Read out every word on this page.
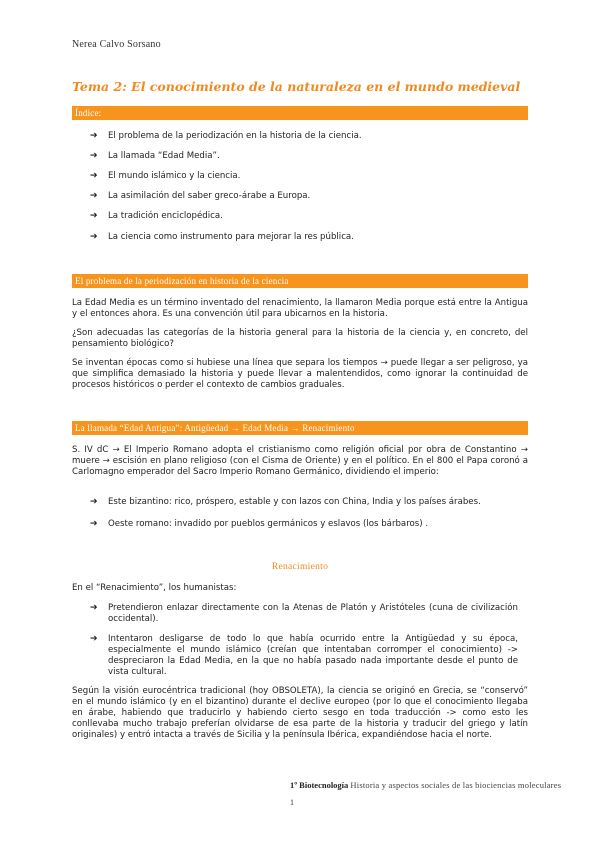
Nerea Calvo Sorsano
Tema 2: El conocimiento de la naturaleza en el mundo medieval
Índice:
➔ El problema de la periodización en la historia de la ciencia.
➔ La llamada “Edad Media”.
➔ El mundo islámico y la ciencia.
➔ La asimilación del saber greco-árabe a Europa.
➔ La tradición enciclopédica.
➔ La ciencia como instrumento para mejorar la res pública.
El problema de la periodización en historia de la ciencia
La Edad Media es un término inventado del renacimiento, la llamaron Media porque está entre la Antigua y el entonces ahora. Es una convención útil para ubicarnos en la historia.
¿Son adecuadas las categorías de la historia general para la historia de la ciencia y, en concreto, del pensamiento biológico?
Se inventan épocas como si hubiese una línea que separa los tiempos → puede llegar a ser peligroso, ya que simplifica demasiado la historia y puede llevar a malentendidos, como ignorar la continuidad de procesos históricos o perder el contexto de cambios graduales.
La llamada “Edad Antigua”: Antigüedad → Edad Media → Renacimiento
S. IV dC → El Imperio Romano adopta el cristianismo como religión oficial por obra de Constantino → muere → escisión en plano religioso (con el Cisma de Oriente) y en el político. En el 800 el Papa coronó a Carlomagno emperador del Sacro Imperio Romano Germánico, dividiendo el imperio:
➔ Este bizantino: rico, próspero, estable y con lazos con China, India y los países árabes.
➔ Oeste romano: invadido por pueblos germánicos y eslavos (los bárbaros) .
Renacimiento
En el “Renacimiento”, los humanistas:
➔ Pretendieron enlazar directamente con la Atenas de Platón y Aristóteles (cuna de civilización occidental).
➔ Intentaron desligarse de todo lo que había ocurrido entre la Antigüedad y su época, especialmente el mundo islámico (creían que intentaban corromper el conocimiento) -> despreciaron la Edad Media, en la que no había pasado nada importante desde el punto de vista cultural.
Según la visión eurocéntrica tradicional (hoy OBSOLETA), la ciencia se originó en Grecia, se “conservó” en el mundo islámico (y en el bizantino) durante el declive europeo (por lo que el conocimiento llegaba en árabe, habiendo que traducirlo y habiendo cierto sesgo en toda traducción -> como esto les conllevaba mucho trabajo preferían olvidarse de esa parte de la historia y traducir del griego y latín originales) y entró intacta a través de Sicilia y la península Ibérica, expandiéndose hacia el norte.
1º Biotecnología Historia y aspectos sociales de las biociencias moleculares
1
